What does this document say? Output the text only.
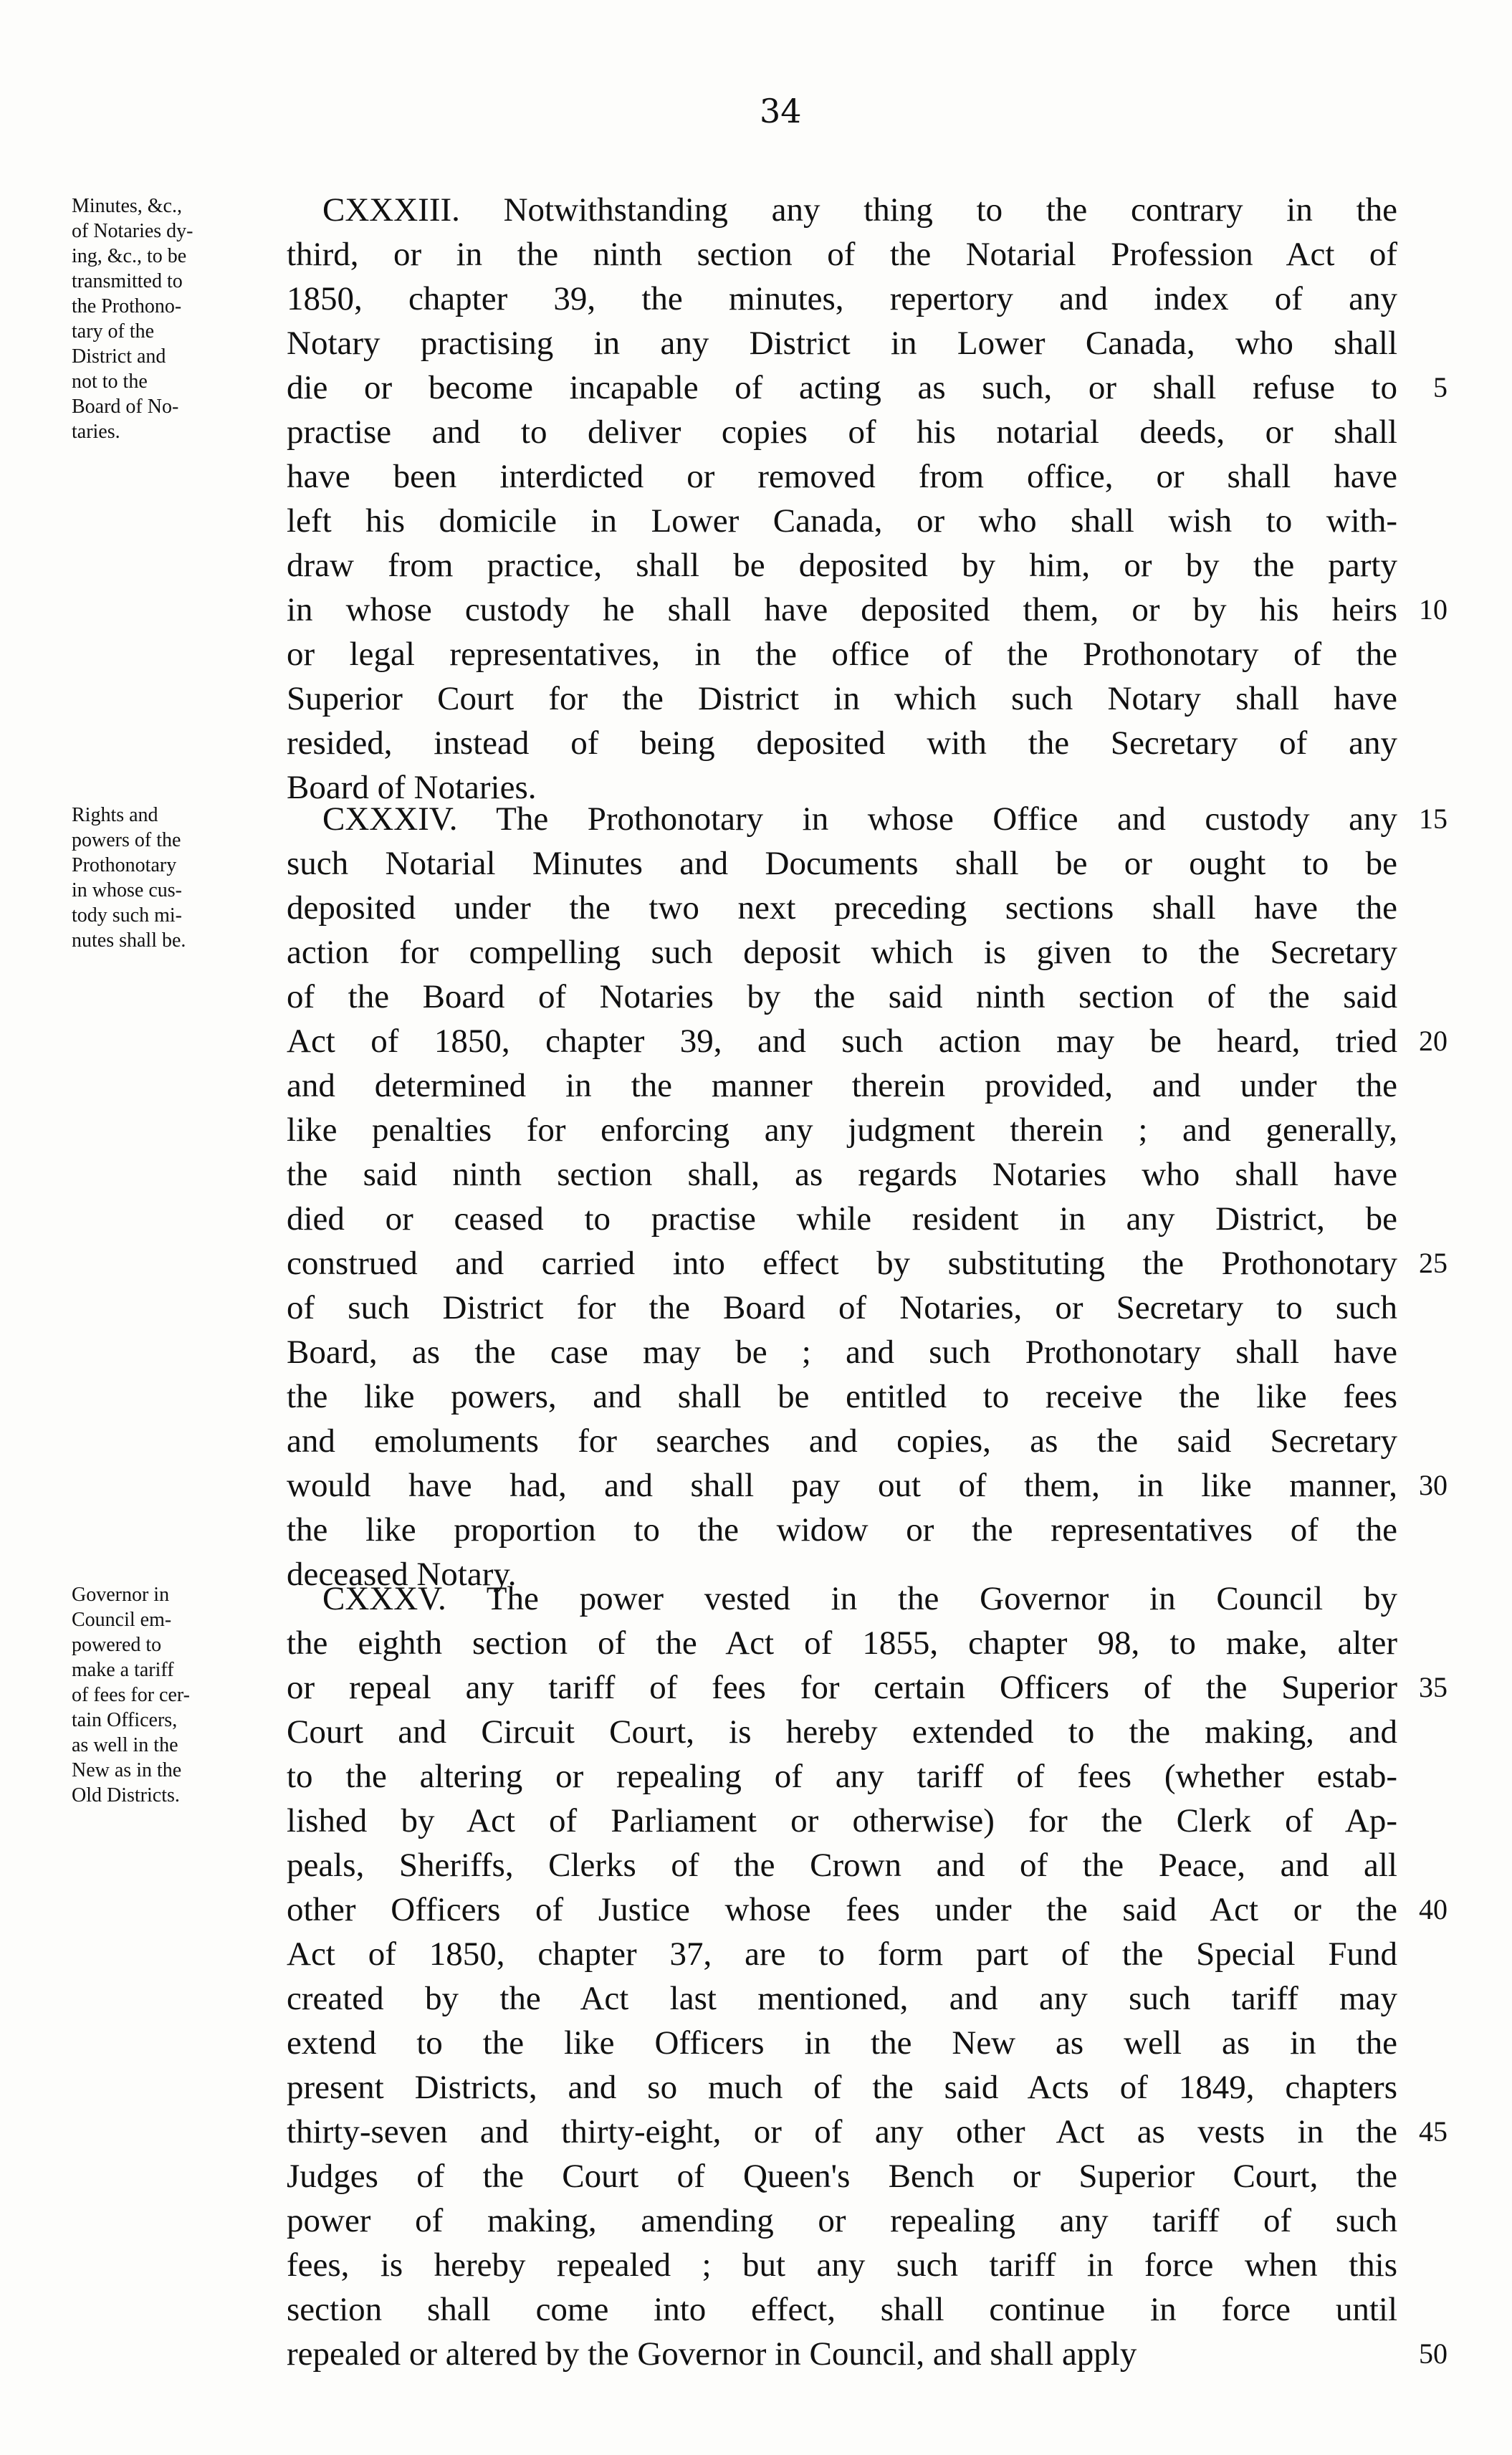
34
Minutes, &c.,
of Notaries dy-
ing, &c., to be
transmitted to
the Prothono-
tary of the
District and
not to the
Board of No-
taries.
CXXXIII. Notwithstanding any thing to the contrary in the
third, or in the ninth section of the Notarial Profession Act of
1850, chapter 39, the minutes, repertory and index of any
Notary practising in any District in Lower Canada, who shall
die or become incapable of acting as such, or shall refuse to	5
practise and to deliver copies of his notarial deeds, or shall
have been interdicted or removed from office, or shall have
left his domicile in Lower Canada, or who shall wish to with-
draw from practice, shall be deposited by him, or by the party
in whose custody he shall have deposited them, or by his heirs 10
or legal representatives, in the office of the Prothonotary of the
Superior Court for the District in which such Notary shall have
resided, instead of being deposited with the Secretary of any
Board of Notaries.
Rights and
powers of the
Prothonotary
in whose cus-
tody such mi-
nutes shall be.
CXXXIV. The Prothonotary in whose Office and custody any 15
such Notarial Minutes and Documents shall be or ought to be
deposited under the two next preceding sections shall have the
action for compelling such deposit which is given to the Secretary
of the Board of Notaries by the said ninth section of the said
Act of 1850, chapter 39, and such action may be heard, tried 20
and determined in the manner therein provided, and under the
like penalties for enforcing any judgment therein ; and generally,
the said ninth section shall, as regards Notaries who shall have
died or ceased to practise while resident in any District, be
construed and carried into effect by substituting the Prothonotary 25
of such District for the Board of Notaries, or Secretary to such
Board, as the case may be ; and such Prothonotary shall have
the like powers, and shall be entitled to receive the like fees
and emoluments for searches and copies, as the said Secretary
would have had, and shall pay out of them, in like manner, 30
the like proportion to the widow or the representatives of the
deceased Notary.
Governor in
Council em-
powered to
make a tariff
of fees for cer-
tain Officers,
as well in the
New as in the
Old Districts.
CXXXV. The power vested in the Governor in Council by
the eighth section of the Act of 1855, chapter 98, to make, alter
or repeal any tariff of fees for certain Officers of the Superior 35
Court and Circuit Court, is hereby extended to the making, and
to the altering or repealing of any tariff of fees (whether estab-
lished by Act of Parliament or otherwise) for the Clerk of Ap-
peals, Sheriffs, Clerks of the Crown and of the Peace, and all
other Officers of Justice whose fees under the said Act or the 40
Act of 1850, chapter 37, are to form part of the Special Fund
created by the Act last mentioned, and any such tariff may
extend to the like Officers in the New as well as in the
present Districts, and so much of the said Acts of 1849, chapters
thirty-seven and thirty-eight, or of any other Act as vests in the 45
Judges of the Court of Queen's Bench or Superior Court, the
power of making, amending or repealing any tariff of such
fees, is hereby repealed ; but any such tariff in force when this
section shall come into effect, shall continue in force until
repealed or altered by the Governor in Council, and shall apply	50
